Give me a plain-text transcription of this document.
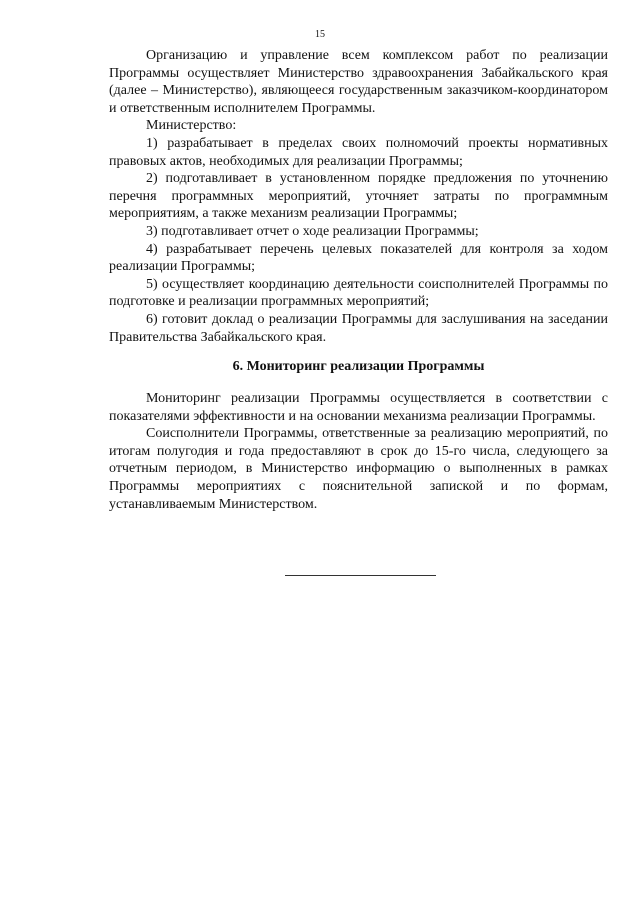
15

Организацию и управление всем комплексом работ по реализации Программы осуществляет Министерство здравоохранения Забайкальского края (далее – Министерство), являющееся государственным заказчиком-координатором и ответственным исполнителем Программы.

Министерство:

1) разрабатывает в пределах своих полномочий проекты нормативных правовых актов, необходимых для реализации Программы;

2) подготавливает в установленном порядке предложения по уточнению перечня программных мероприятий, уточняет затраты по программным мероприятиям, а также механизм реализации Программы;

3) подготавливает отчет о ходе реализации Программы;

4) разрабатывает перечень целевых показателей для контроля за ходом реализации Программы;

5) осуществляет координацию деятельности соисполнителей Программы по подготовке и реализации программных мероприятий;

6) готовит доклад о реализации Программы для заслушивания на заседании Правительства Забайкальского края.

6. Мониторинг реализации Программы

Мониторинг реализации Программы осуществляется в соответствии с показателями эффективности и на основании механизма реализации Программы.

Соисполнители Программы, ответственные за реализацию мероприятий, по итогам полугодия и года предоставляют в срок до 15-го числа, следующего за отчетным периодом, в Министерство информацию о выполненных в рамках Программы мероприятиях с пояснительной запиской и по формам, устанавливаемым Министерством.
